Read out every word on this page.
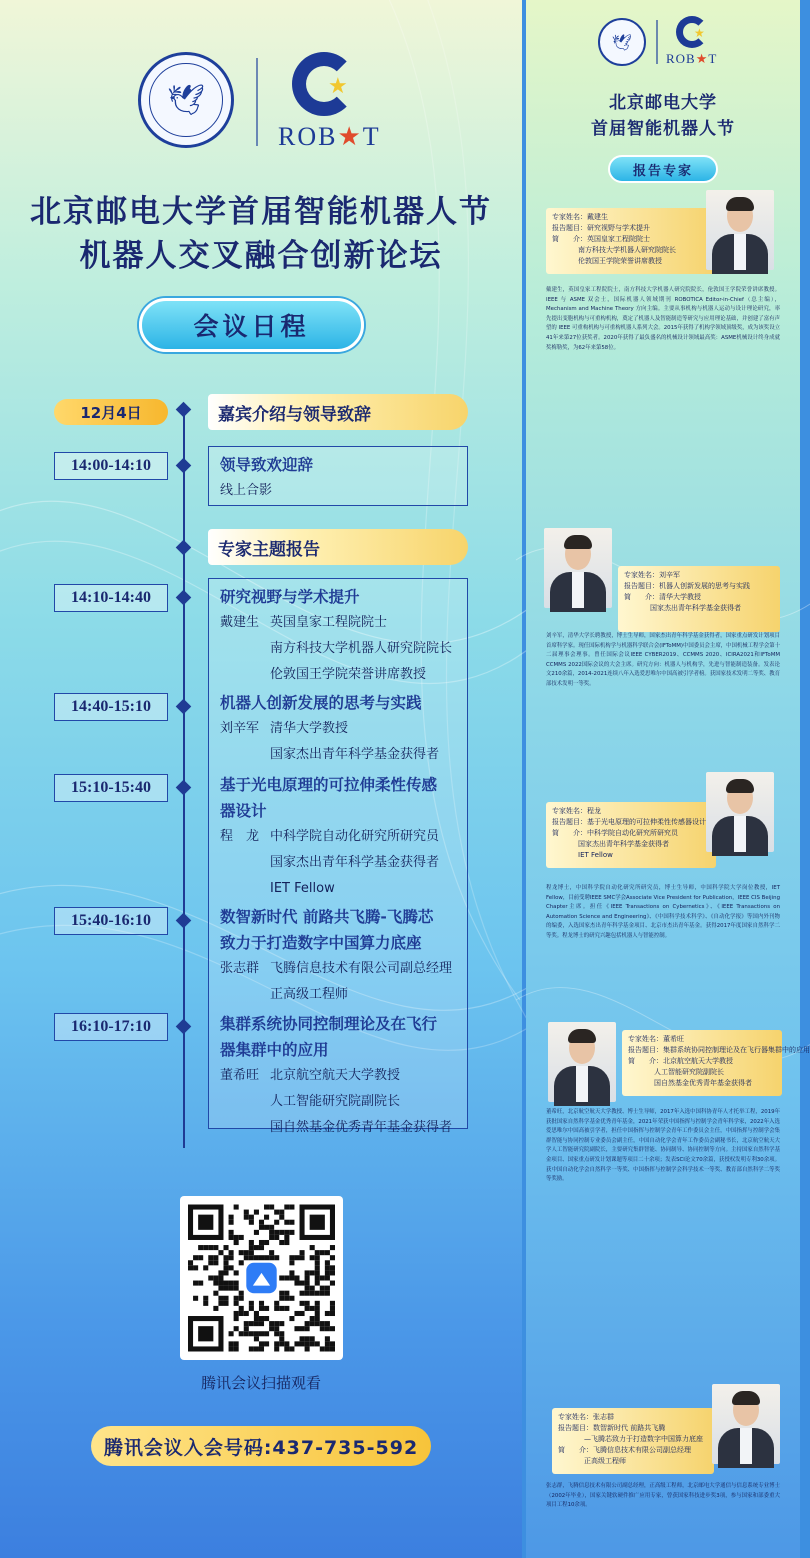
🕊	★
ROB★T
北京邮电大学首届智能机器人节
机器人交叉融合创新论坛
会议日程
12月4日	嘉宾介绍与领导致辞
14:00-14:10	领导致欢迎辞
线上合影
专家主题报告
14:10-14:40	研究视野与学术提升
戴建生 英国皇家工程院院士
南方科技大学机器人研究院院长
伦敦国王学院荣誉讲席教授
14:40-15:10	机器人创新发展的思考与实践
刘辛军 清华大学教授
国家杰出青年科学基金获得者
15:10-15:40	基于光电原理的可拉伸柔性传感
器设计
程　龙 中科学院自动化研究所研究员
国家杰出青年科学基金获得者
IET Fellow
15:40-16:10	数智新时代 前路共飞腾-飞腾芯
致力于打造数字中国算力底座
张志群 飞腾信息技术有限公司副总经理
正高级工程师
16:10-17:10	集群系统协同控制理论及在飞行
器集群中的应用
董希旺 北京航空航天大学教授
人工智能研究院副院长
国自然基金优秀青年基金获得者
腾讯会议扫描观看
腾讯会议入会号码:437-735-592
🕊	★
ROB★T
北京邮电大学
首届智能机器人节
报告专家
专家姓名：戴建生
报告题目：研究视野与学术提升
简　　介：英国皇家工程院院士
南方科技大学机器人研究院院长
伦敦国王学院荣誉讲席教授
戴建生，英国皇家工程院院士，南方科技大学机器人研究院院长，伦敦国王学院荣誉讲席教授。IEEE 与 ASME 双会士，国际机器人领域期刊 ROBOTICA Editor-in-Chief（总主编），Mechanism and Machine Theory 方向主编。主要从事机构与机器人运动与设计理论研究，率先提出变胞机构与可重构机构，奠定了机器人及智能制造等研究与应用理论基础，并创建了富有声望的 IEEE 可重构机构与可重构机器人系列大会。2015年获得了机构学领域顶级奖，成为该奖设立41年来第27位获奖者。2020年获得了最负盛名的机械设计领域最高奖：ASME机械设计终身成就奖梅勒奖，为62年来第58位。
专家姓名：刘辛军
报告题目：机器人创新发展的思考与实践
简　　介：清华大学教授
国家杰出青年科学基金获得者
刘辛军，清华大学长聘教授，博士生导师，国家杰出青年科学基金获得者，国家重点研发计划项目首席科学家。现任国际机构学与机器科学联合会(IFToMM)中国委员会主席，中国机械工程学会第十二届理事会理事。曾任国际会议IEEE CYBER2019、CCMMS 2020、ICIRA2021和IFToMM CCMMS 2022国际会议的大会主席。研究方向：机器人与机构学，先进与智能制造装备。发表论文210余篇，2014-2021连续八年入选爱思唯尔中国高被引学者榜。获国家技术发明二等奖、教育部技术发明一等奖。
专家姓名：程龙
报告题目：基于光电原理的可拉伸柔性传感器设计
简　　介：中科学院自动化研究所研究员
国家杰出青年科学基金获得者
IET Fellow
程龙博士，中国科学院自动化研究所研究员，博士生导师，中国科学院大学岗位教授，IET Fellow，目前受聘IEEE SMC学会Associate Vice President for Publication，IEEE CIS Beijing Chapter主席。担任《IEEE Transactions on Cybernetics》、《IEEE Transactions on Automation Science and Engineering》、《中国科学技术科学》、《自动化学报》等国内外刊物的编委，入选国家杰出青年科学基金项目、北京市杰出青年基金。获得2017年度国家自然科学二等奖。程龙博士的研究兴趣包括机器人与智能控制。
专家姓名：董希旺
报告题目：集群系统协同控制理论及在飞行器集群中的应用
简　　介：北京航空航天大学教授
人工智能研究院副院长
国自然基金优秀青年基金获得者
董希旺，北京航空航天大学教授、博士生导师，2017年入选中国科协青年人才托举工程，2019年获批国家自然科学基金优秀青年基金，2021年荣获中国指挥与控制学会青年科学家，2022年入选爱思唯尔中国高被引学者，担任中国指挥与控制学会青年工作委员会主任，中国指挥与控制学会集群智能与协同控制专业委员会副主任，中国自动化学会青年工作委员会副秘书长，北京航空航天大学人工智能研究院副院长，主要研究集群智能、协同制导、协同控制等方向。主持国家自然科学基金项目、国家重点研发计划课题等项目二十余项；发表SCI论文70余篇，获授权发明专利30余项。获中国自动化学会自然科学一等奖、中国指挥与控制学会科学技术一等奖、教育部自然科学二等奖等奖励。
专家姓名：张志群
报告题目：数智新时代 前路共飞腾
—飞腾芯致力于打造数字中国算力底座
简　　介：飞腾信息技术有限公司副总经理
正高级工程师
张志群，飞腾信息技术有限公司副总经理，正高级工程师，北京邮电大学通信与信息系统专业博士（2002年毕业），国家关键软硬件推广应用专家，曾获国家科技进步奖3项，参与国家和部委重大项目工程10余项。
